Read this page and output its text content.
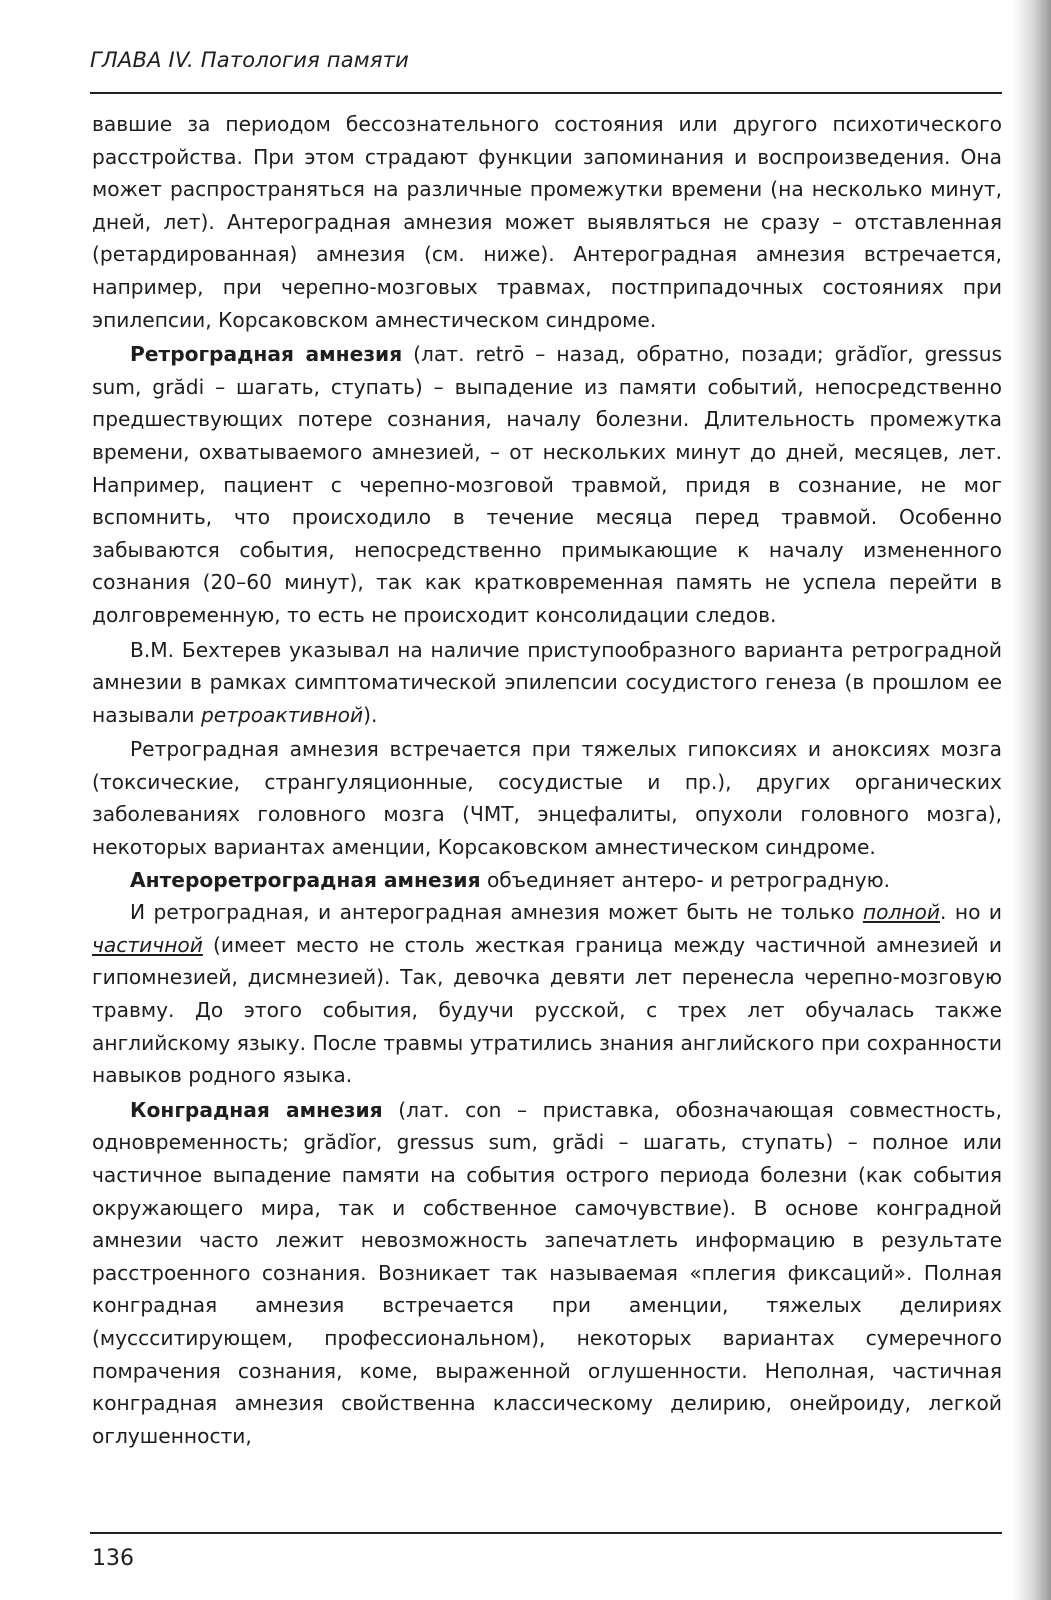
ГЛАВА IV. Патология памяти

вавшие за периодом бессознательного состояния или другого психотического расстройства. При этом страдают функции запоминания и воспроизведения. Она может распространяться на различные промежутки времени (на несколько минут, дней, лет). Антероградная амнезия может выявляться не сразу – отставленная (ретардированная) амнезия (см. ниже). Антероградная амнезия встречается, например, при черепно-мозговых травмах, постприпадочных состояниях при эпилепсии, Корсаковском амнестическом синдроме.

Ретроградная амнезия (лат. retrō – назад, обратно, позади; grădĭor, gressus sum, grădi – шагать, ступать) – выпадение из памяти событий, непосредственно предшествующих потере сознания, началу болезни. Длительность промежутка времени, охватываемого амнезией, – от нескольких минут до дней, месяцев, лет. Например, пациент с черепно-мозговой травмой, придя в сознание, не мог вспомнить, что происходило в течение месяца перед травмой. Особенно забываются события, непосредственно примыкающие к началу измененного сознания (20–60 минут), так как кратковременная память не успела перейти в долговременную, то есть не происходит консолидации следов.

В.М. Бехтерев указывал на наличие приступообразного варианта ретроградной амнезии в рамках симптоматической эпилепсии сосудистого генеза (в прошлом ее называли ретроактивной).

Ретроградная амнезия встречается при тяжелых гипоксиях и аноксиях мозга (токсические, странгуляционные, сосудистые и пр.), других органических заболеваниях головного мозга (ЧМТ, энцефалиты, опухоли головного мозга), некоторых вариантах аменции, Корсаковском амнестическом синдроме.

Антероретроградная амнезия объединяет антеро- и ретроградную.

И ретроградная, и антероградная амнезия может быть не только полной. но и частичной (имеет место не столь жесткая граница между частичной амнезией и гипомнезией, дисмнезией). Так, девочка девяти лет перенесла черепно-мозговую травму. До этого события, будучи русской, с трех лет обучалась также английскому языку. После травмы утратились знания английского при сохранности навыков родного языка.

Конградная амнезия (лат. con – приставка, обозначающая совместность, одновременность; grădĭor, gressus sum, grădi – шагать, ступать) – полное или частичное выпадение памяти на события острого периода болезни (как события окружающего мира, так и собственное самочувствие). В основе конградной амнезии часто лежит невозможность запечатлеть информацию в результате расстроенного сознания. Возникает так называемая «плегия фиксаций». Полная конградная амнезия встречается при аменции, тяжелых делириях (муссситирующем, профессиональном), некоторых вариантах сумеречного помрачения сознания, коме, выраженной оглушенности. Неполная, частичная конградная амнезия свойственна классическому делирию, онейроиду, легкой оглушенности,

136
